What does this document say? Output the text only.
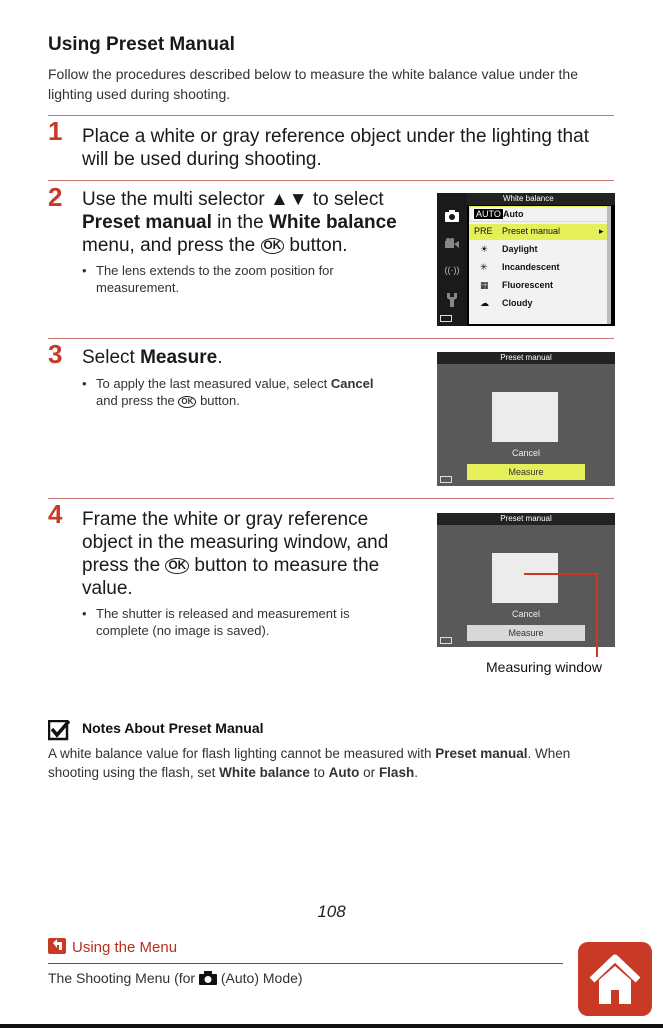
Using Preset Manual
Follow the procedures described below to measure the white balance value under the lighting used during shooting.
1 Place a white or gray reference object under the lighting that
will be used during shooting.
2 Use the multi selector ▲▼ to select
Preset manual in the White balance
menu, and press the OK button.
• The lens extends to the zoom position for
measurement.
((·))
White balance
AUTO Auto
PRE Preset manual	▸
☀ Daylight
✳ Incandescent
▦ Fluorescent
☁ Cloudy
3 Select Measure.
• To apply the last measured value, select Cancel
and press the OK button.
Preset manual
Cancel
Measure
4 Frame the white or gray reference
object in the measuring window, and
press the OK button to measure the
value.
• The shutter is released and measurement is
complete (no image is saved).
Preset manual
Cancel
Measure
Measuring window
Notes About Preset Manual
A white balance value for flash lighting cannot be measured with Preset manual. When
shooting using the flash, set White balance to Auto or Flash.
108
Using the Menu
The Shooting Menu (for  (Auto) Mode)
